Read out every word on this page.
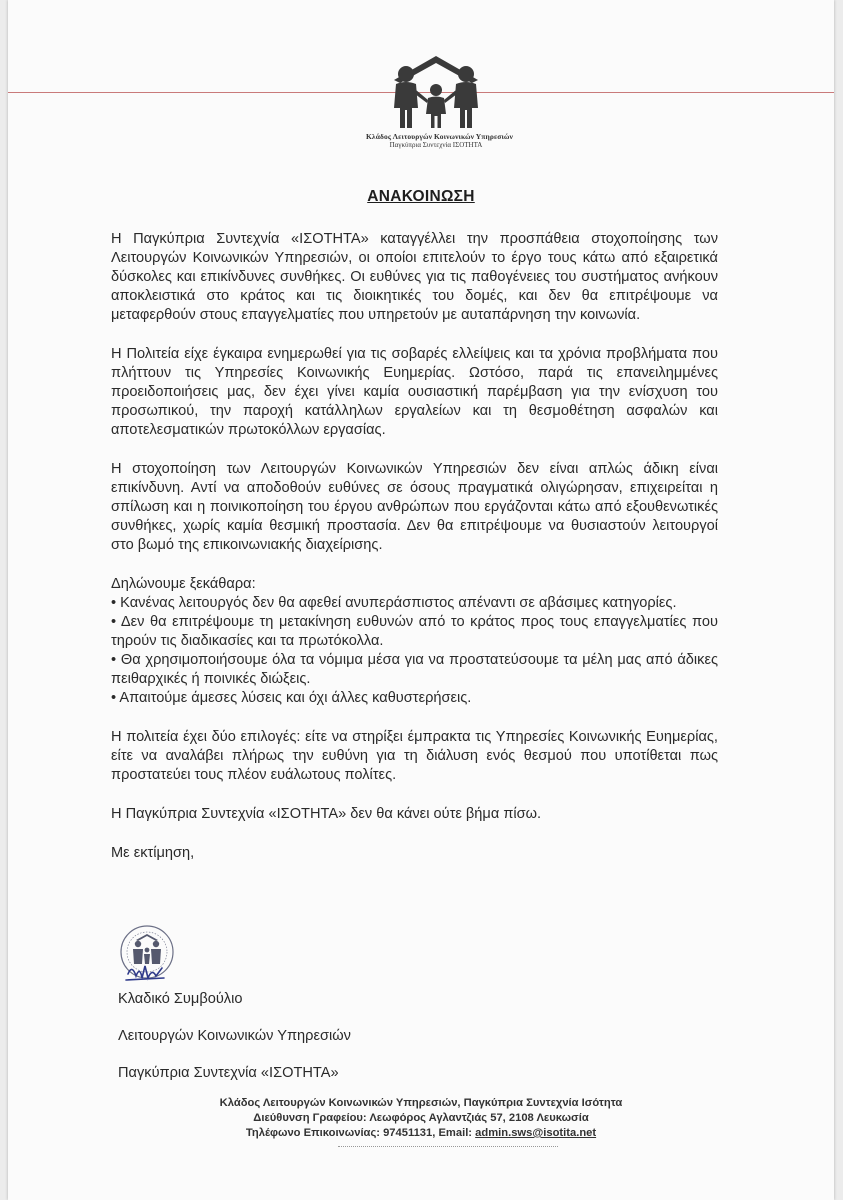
Κλάδος Λειτουργών Κοινωνικών Υπηρεσιών
Παγκύπρια Συντεχνία ΙΣΟΤΗΤΑ
ΑΝΑΚΟΙΝΩΣΗ

Η Παγκύπρια Συντεχνία «ΙΣΟΤΗΤΑ» καταγγέλλει την προσπάθεια στοχοποίησης των Λειτουργών Κοινωνικών Υπηρεσιών, οι οποίοι επιτελούν το έργο τους κάτω από εξαιρετικά δύσκολες και επικίνδυνες συνθήκες. Οι ευθύνες για τις παθογένειες του συστήματος ανήκουν αποκλειστικά στο κράτος και τις διοικητικές του δομές, και δεν θα επιτρέψουμε να μεταφερθούν στους επαγγελματίες που υπηρετούν με αυταπάρνηση την κοινωνία.

Η Πολιτεία είχε έγκαιρα ενημερωθεί για τις σοβαρές ελλείψεις και τα χρόνια προβλήματα που πλήττουν τις Υπηρεσίες Κοινωνικής Ευημερίας. Ωστόσο, παρά τις επανειλημμένες προειδοποιήσεις μας, δεν έχει γίνει καμία ουσιαστική παρέμβαση για την ενίσχυση του προσωπικού, την παροχή κατάλληλων εργαλείων και τη θεσμοθέτηση ασφαλών και αποτελεσματικών πρωτοκόλλων εργασίας.

Η στοχοποίηση των Λειτουργών Κοινωνικών Υπηρεσιών δεν είναι απλώς άδικη είναι επικίνδυνη. Αντί να αποδοθούν ευθύνες σε όσους πραγματικά ολιγώρησαν, επιχειρείται η σπίλωση και η ποινικοποίηση του έργου ανθρώπων που εργάζονται κάτω από εξουθενωτικές συνθήκες, χωρίς καμία θεσμική προστασία. Δεν θα επιτρέψουμε να θυσιαστούν λειτουργοί στο βωμό της επικοινωνιακής διαχείρισης.

Δηλώνουμε ξεκάθαρα:

• Κανένας λειτουργός δεν θα αφεθεί ανυπεράσπιστος απέναντι σε αβάσιμες κατηγορίες.

• Δεν θα επιτρέψουμε τη μετακίνηση ευθυνών από το κράτος προς τους επαγγελματίες που τηρούν τις διαδικασίες και τα πρωτόκολλα.

• Θα χρησιμοποιήσουμε όλα τα νόμιμα μέσα για να προστατεύσουμε τα μέλη μας από άδικες πειθαρχικές ή ποινικές διώξεις.

• Απαιτούμε άμεσες λύσεις και όχι άλλες καθυστερήσεις.

Η πολιτεία έχει δύο επιλογές: είτε να στηρίξει έμπρακτα τις Υπηρεσίες Κοινωνικής Ευημερίας, είτε να αναλάβει πλήρως την ευθύνη για τη διάλυση ενός θεσμού που υποτίθεται πως προστατεύει τους πλέον ευάλωτους πολίτες.

Η Παγκύπρια Συντεχνία «ΙΣΟΤΗΤΑ» δεν θα κάνει ούτε βήμα πίσω.

Με εκτίμηση,

Κλαδικό Συμβούλιο
Λειτουργών Κοινωνικών Υπηρεσιών
Παγκύπρια Συντεχνία «ΙΣΟΤΗΤΑ»
Κλάδος Λειτουργών Κοινωνικών Υπηρεσιών, Παγκύπρια Συντεχνία Ισότητα
Διεύθυνση Γραφείου: Λεωφόρος Αγλαντζιάς 57, 2108 Λευκωσία
Τηλέφωνο Επικοινωνίας: 97451131, Email: admin.sws@isotita.net
